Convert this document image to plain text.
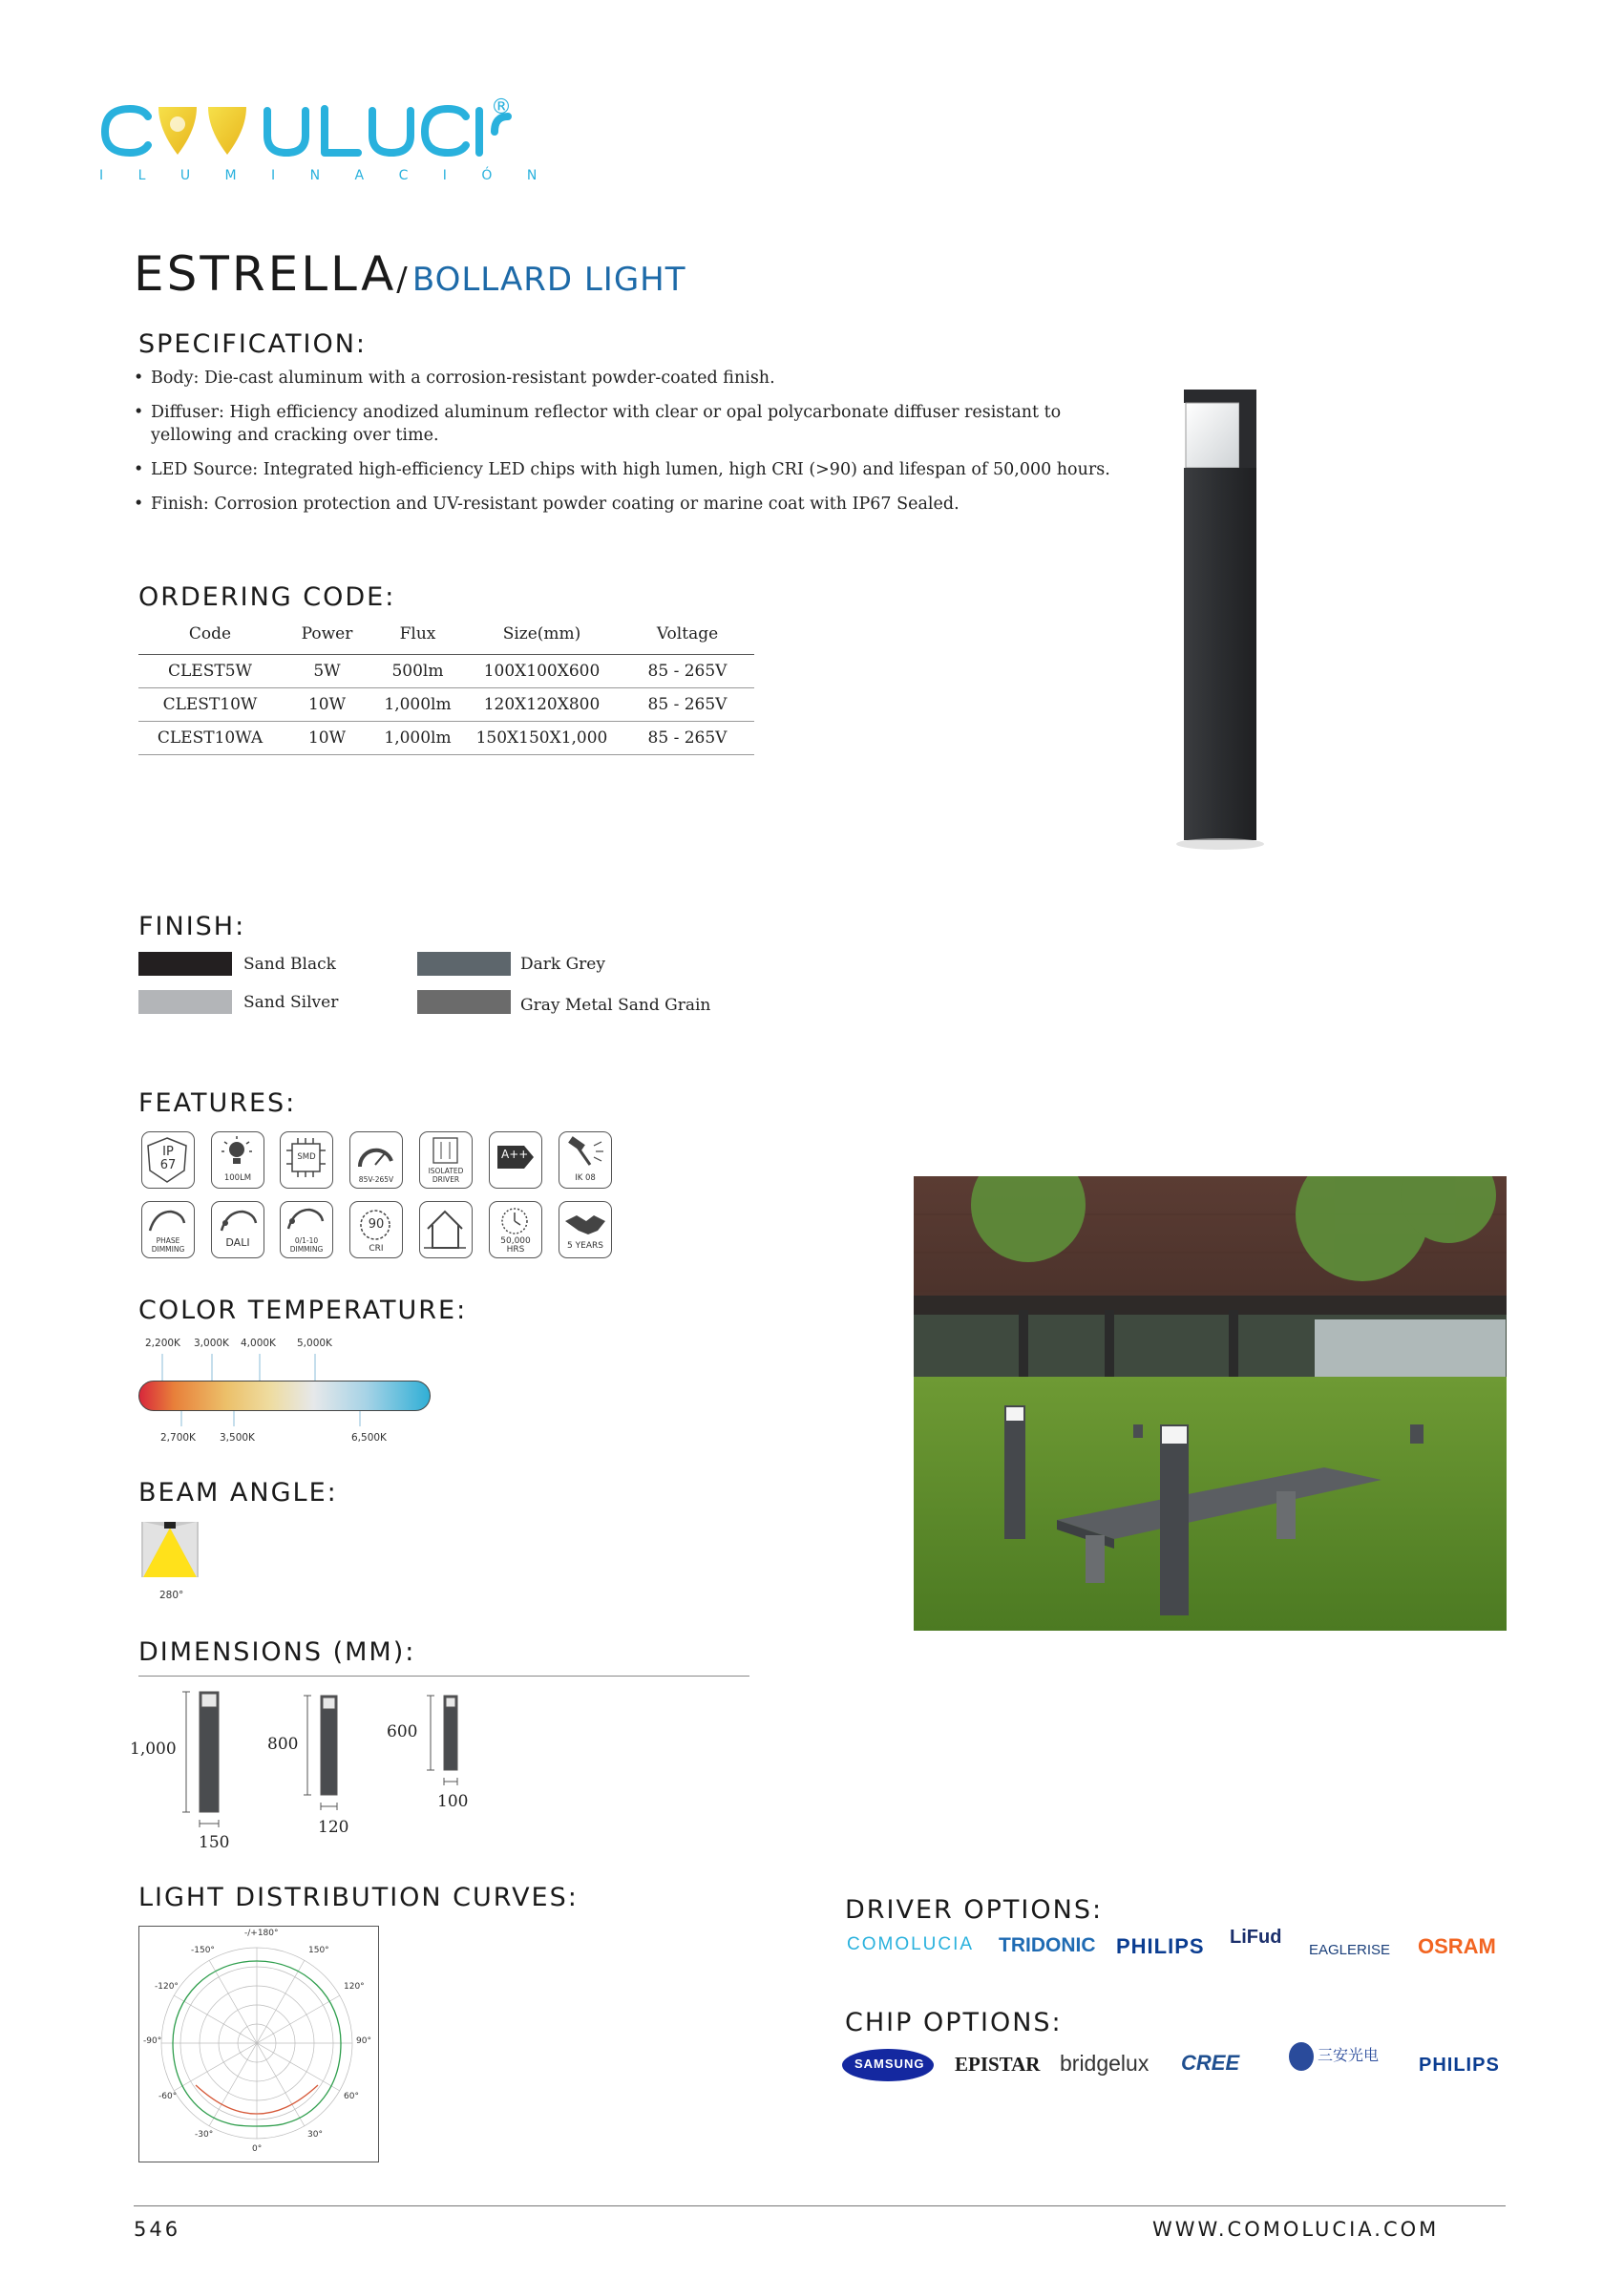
®
I L U M I N A C I Ó N
ESTRELLA/ BOLLARD LIGHT
SPECIFICATION:
• Body: Die-cast aluminum with a corrosion-resistant powder-coated finish.
• Diffuser: High efficiency anodized aluminum reflector with clear or opal polycarbonate diffuser resistant to yellowing and cracking over time.
• LED Source: Integrated high-efficiency LED chips with high lumen, high CRI (>90) and lifespan of 50,000 hours.
• Finish: Corrosion protection and UV-resistant powder coating or marine coat with IP67 Sealed.
ORDERING CODE:
Code	Power	Flux	Size(mm)	Voltage
CLEST5W	5W	500lm	100X100X600	85 - 265V
CLEST10W	10W	1,000lm	120X120X800	85 - 265V
CLEST10WA	10W	1,000lm	150X150X1,000	85 - 265V
FINISH:
Sand Black
Sand Silver
Dark Grey
Gray Metal Sand Grain
FEATURES:
IP 67
100LM
SMD
85V-265V
ISOLATED DRIVER
A++
IK 08
PHASE DIMMING
DALI	0/1-10 DIMMING
90
CRI
50,000 HRS	5 YEARS
COLOR TEMPERATURE:
2,200K 3,000K 4,000K 5,000K
2,700K 3,500K	6,500K
BEAM ANGLE:
280°
DIMENSIONS (MM):
1,000
150
800
120
600
100
LIGHT DISTRIBUTION CURVES:
-/+180°
-150°	150°
-120°	120°
-90°	90°
-60°	60°
-30°	30°
0°
DRIVER OPTIONS:
COMOLUCIA TRIDONIC PHILIPS LiFud
EAGLERISE OSRAM
CHIP OPTIONS:
SAMSUNG EPISTAR bridgelux CREE	三安光电 PHILIPS
546	WWW.COMOLUCIA.COM
